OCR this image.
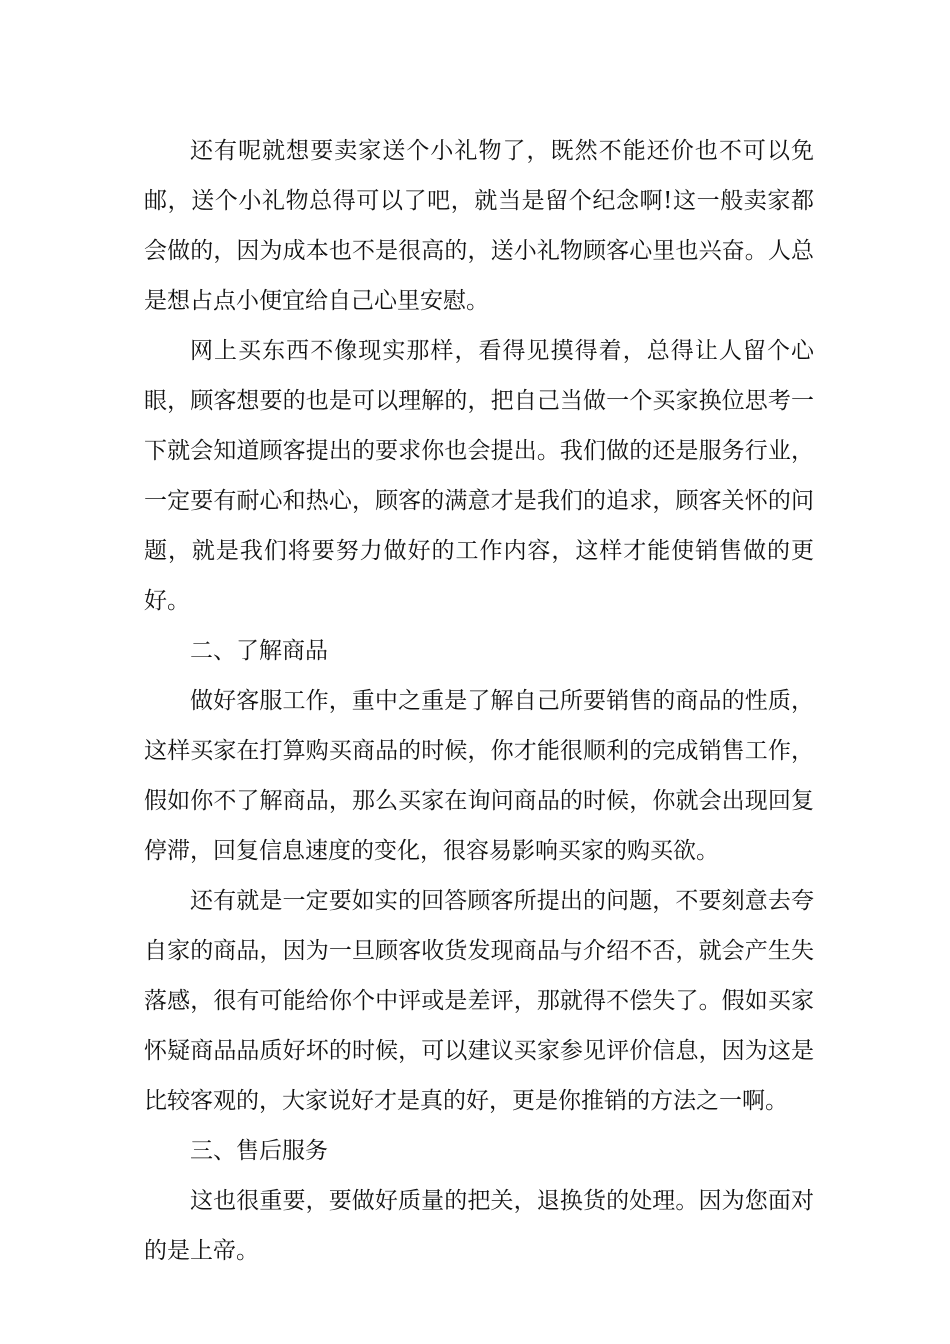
还有呢就想要卖家送个小礼物了，既然不能还价也不可以免邮，送个小礼物总得可以了吧，就当是留个纪念啊!这一般卖家都会做的，因为成本也不是很高的，送小礼物顾客心里也兴奋。人总是想占点小便宜给自己心里安慰。

网上买东西不像现实那样，看得见摸得着，总得让人留个心眼，顾客想要的也是可以理解的，把自己当做一个买家换位思考一下就会知道顾客提出的要求你也会提出。我们做的还是服务行业，一定要有耐心和热心，顾客的满意才是我们的追求，顾客关怀的问题，就是我们将要努力做好的工作内容，这样才能使销售做的更好。

二、了解商品

做好客服工作，重中之重是了解自己所要销售的商品的性质，这样买家在打算购买商品的时候，你才能很顺利的完成销售工作，假如你不了解商品，那么买家在询问商品的时候，你就会出现回复停滞，回复信息速度的变化，很容易影响买家的购买欲。

还有就是一定要如实的回答顾客所提出的问题，不要刻意去夸自家的商品，因为一旦顾客收货发现商品与介绍不否，就会产生失落感，很有可能给你个中评或是差评，那就得不偿失了。假如买家怀疑商品品质好坏的时候，可以建议买家参见评价信息，因为这是比较客观的，大家说好才是真的好，更是你推销的方法之一啊。

三、售后服务

这也很重要，要做好质量的把关，退换货的处理。因为您面对的是上帝。
